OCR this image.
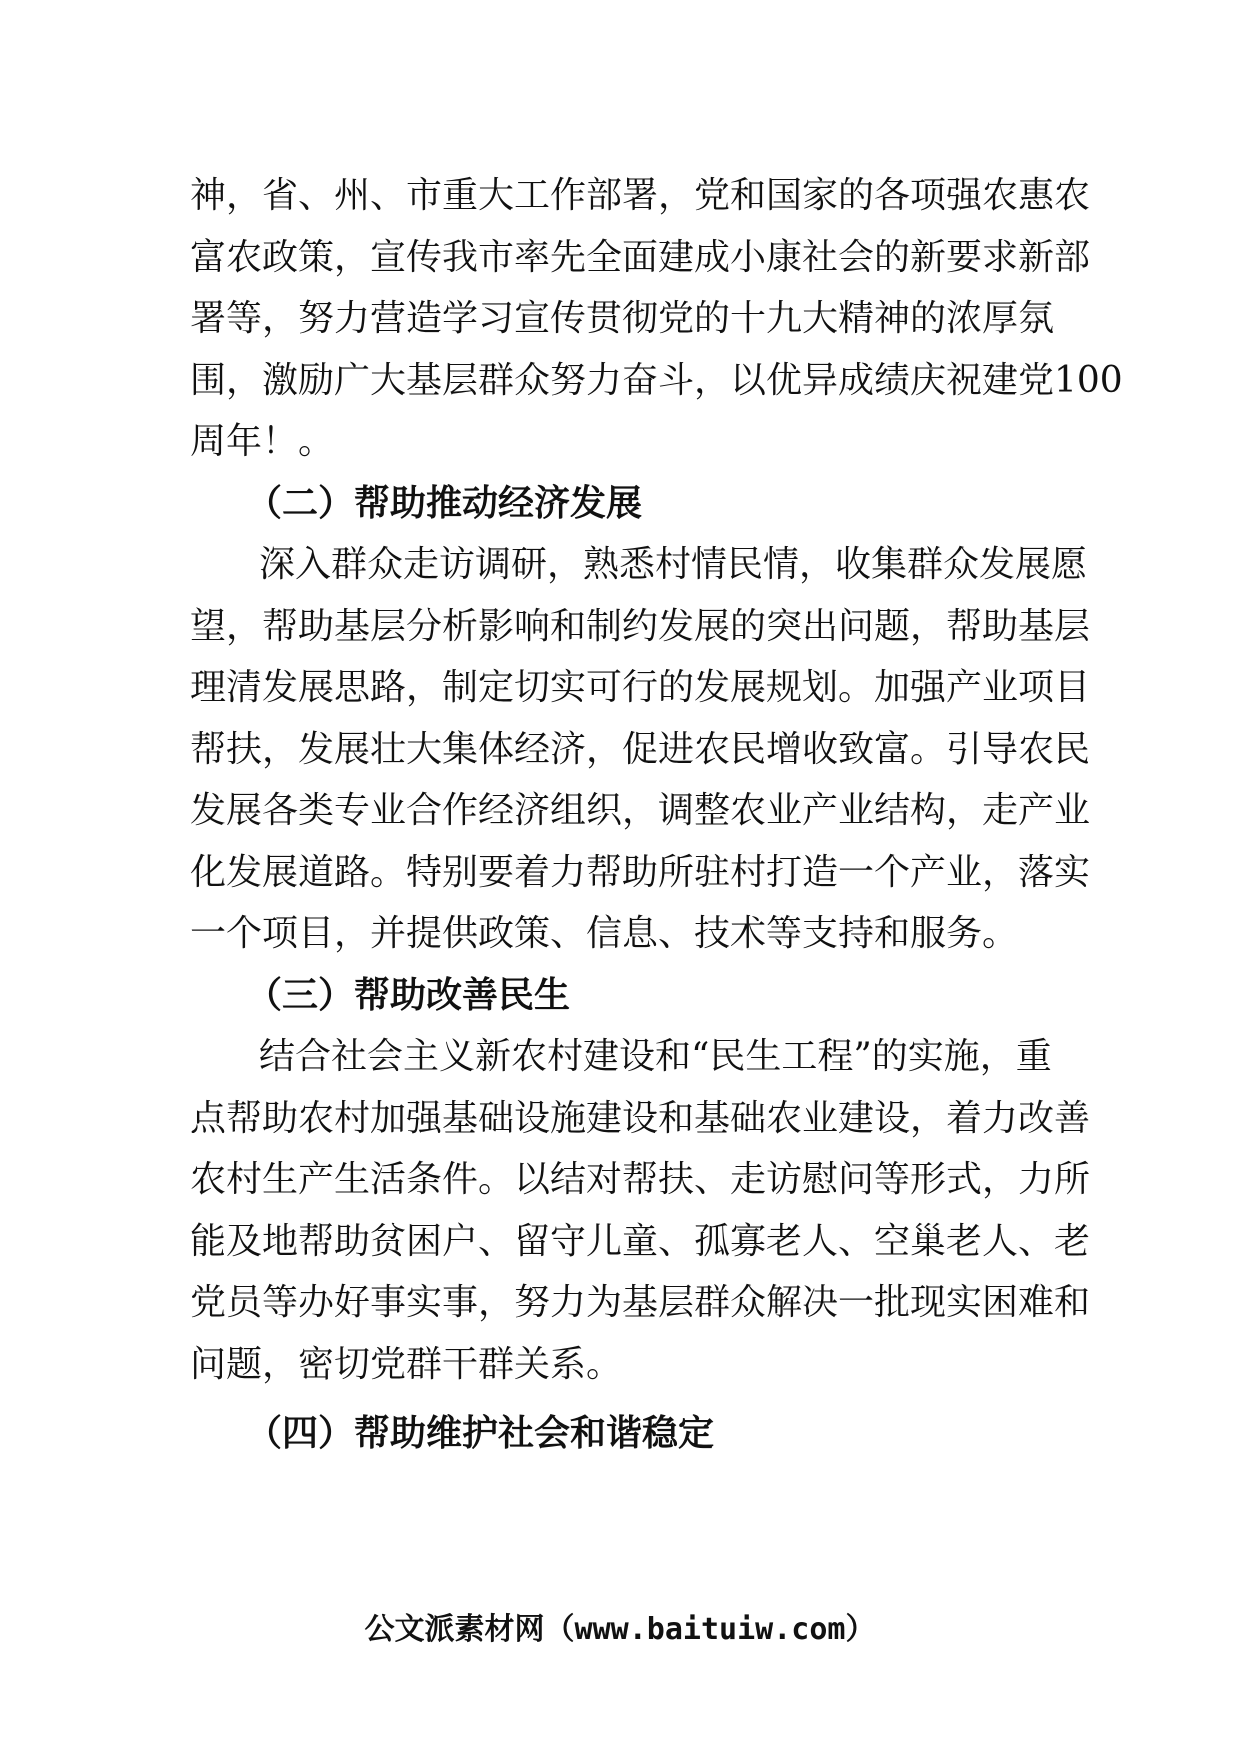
神，省、州、市重大工作部署，党和国家的各项强农惠农
富农政策，宣传我市率先全面建成小康社会的新要求新部
署等，努力营造学习宣传贯彻党的十九大精神的浓厚氛
围，激励广大基层群众努力奋斗，以优异成绩庆祝建党100
周年！。
（二）帮助推动经济发展
深入群众走访调研，熟悉村情民情，收集群众发展愿
望，帮助基层分析影响和制约发展的突出问题，帮助基层
理清发展思路，制定切实可行的发展规划。加强产业项目
帮扶，发展壮大集体经济，促进农民增收致富。引导农民
发展各类专业合作经济组织，调整农业产业结构，走产业
化发展道路。特别要着力帮助所驻村打造一个产业，落实
一个项目，并提供政策、信息、技术等支持和服务。
（三）帮助改善民生
结合社会主义新农村建设和“民生工程”的实施，重
点帮助农村加强基础设施建设和基础农业建设，着力改善
农村生产生活条件。以结对帮扶、走访慰问等形式，力所
能及地帮助贫困户、留守儿童、孤寡老人、空巢老人、老
党员等办好事实事，努力为基层群众解决一批现实困难和
问题，密切党群干群关系。
（四）帮助维护社会和谐稳定
公文派素材网（www.baituiw.com）
